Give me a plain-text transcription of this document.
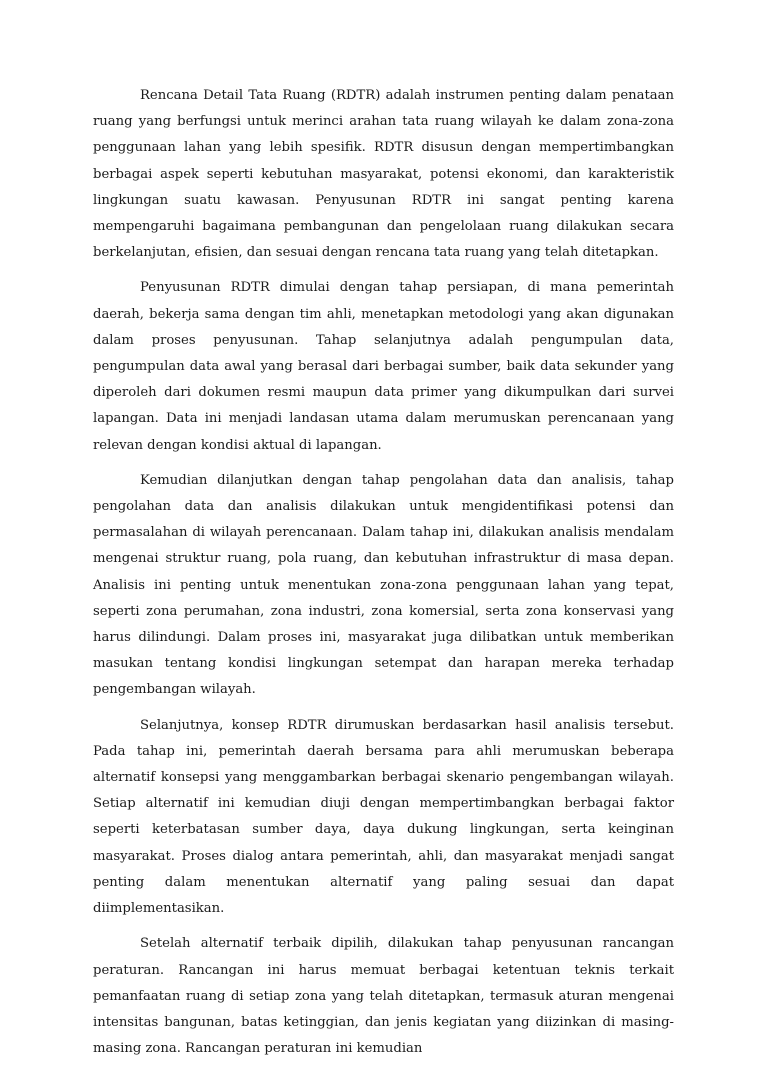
Rencana Detail Tata Ruang (RDTR) adalah instrumen penting dalam penataan ruang yang berfungsi untuk merinci arahan tata ruang wilayah ke dalam zona-zona penggunaan lahan yang lebih spesifik. RDTR disusun dengan mempertimbangkan berbagai aspek seperti kebutuhan masyarakat, potensi ekonomi, dan karakteristik lingkungan suatu kawasan. Penyusunan RDTR ini sangat penting karena mempengaruhi bagaimana pembangunan dan pengelolaan ruang dilakukan secara berkelanjutan, efisien, dan sesuai dengan rencana tata ruang yang telah ditetapkan.

Penyusunan RDTR dimulai dengan tahap persiapan, di mana pemerintah daerah, bekerja sama dengan tim ahli, menetapkan metodologi yang akan digunakan dalam proses penyusunan. Tahap selanjutnya adalah pengumpulan data, pengumpulan data awal yang berasal dari berbagai sumber, baik data sekunder yang diperoleh dari dokumen resmi maupun data primer yang dikumpulkan dari survei lapangan. Data ini menjadi landasan utama dalam merumuskan perencanaan yang relevan dengan kondisi aktual di lapangan.

Kemudian dilanjutkan dengan tahap pengolahan data dan analisis, tahap pengolahan data dan analisis dilakukan untuk mengidentifikasi potensi dan permasalahan di wilayah perencanaan. Dalam tahap ini, dilakukan analisis mendalam mengenai struktur ruang, pola ruang, dan kebutuhan infrastruktur di masa depan. Analisis ini penting untuk menentukan zona-zona penggunaan lahan yang tepat, seperti zona perumahan, zona industri, zona komersial, serta zona konservasi yang harus dilindungi. Dalam proses ini, masyarakat juga dilibatkan untuk memberikan masukan tentang kondisi lingkungan setempat dan harapan mereka terhadap pengembangan wilayah.

Selanjutnya, konsep RDTR dirumuskan berdasarkan hasil analisis tersebut. Pada tahap ini, pemerintah daerah bersama para ahli merumuskan beberapa alternatif konsepsi yang menggambarkan berbagai skenario pengembangan wilayah. Setiap alternatif ini kemudian diuji dengan mempertimbangkan berbagai faktor seperti keterbatasan sumber daya, daya dukung lingkungan, serta keinginan masyarakat. Proses dialog antara pemerintah, ahli, dan masyarakat menjadi sangat penting dalam menentukan alternatif yang paling sesuai dan dapat diimplementasikan.

Setelah alternatif terbaik dipilih, dilakukan tahap penyusunan rancangan peraturan. Rancangan ini harus memuat berbagai ketentuan teknis terkait pemanfaatan ruang di setiap zona yang telah ditetapkan, termasuk aturan mengenai intensitas bangunan, batas ketinggian, dan jenis kegiatan yang diizinkan di masing-masing zona. Rancangan peraturan ini kemudian
